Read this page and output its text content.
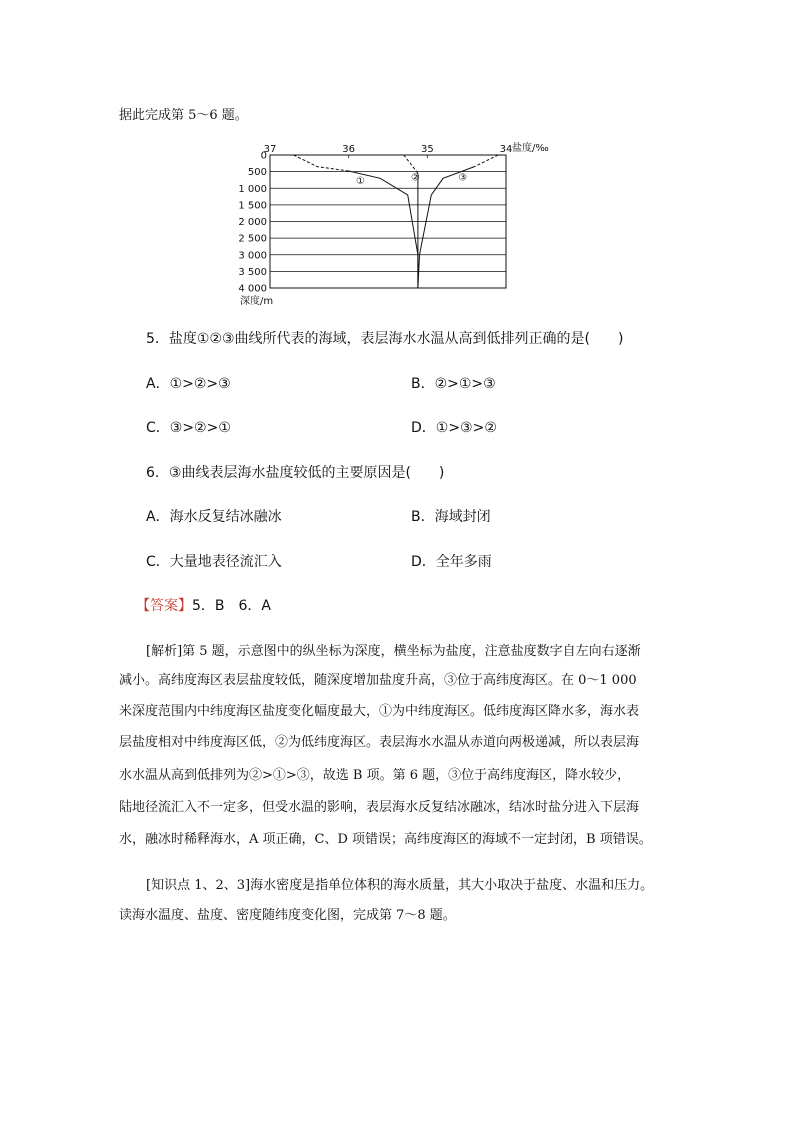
据此完成第 5～6 题。
37	36	35	34
0
500
1 000
1 500
2 000
2 500
3 000
3 500
4 000
①	②	③
盐度/‰
深度/m
5．盐度①②③曲线所代表的海域，表层海水水温从高到低排列正确的是(　　)
A．①>②>③	B．②>①>③
C．③>②>①	D．①>③>②
6．③曲线表层海水盐度较低的主要原因是(　　)
A．海水反复结冰融冰	B．海域封闭
C．大量地表径流汇入	D．全年多雨
【答案】5．B　6．A
[解析]第 5 题，示意图中的纵坐标为深度，横坐标为盐度，注意盐度数字自左向右逐渐
减小。高纬度海区表层盐度较低，随深度增加盐度升高，③位于高纬度海区。在 0～1 000
米深度范围内中纬度海区盐度变化幅度最大，①为中纬度海区。低纬度海区降水多，海水表
层盐度相对中纬度海区低，②为低纬度海区。表层海水水温从赤道向两极递减，所以表层海
水水温从高到低排列为②>①>③，故选 B 项。第 6 题，③位于高纬度海区，降水较少，
陆地径流汇入不一定多，但受水温的影响，表层海水反复结冰融冰，结冰时盐分进入下层海
水，融冰时稀释海水，A 项正确，C、D 项错误；高纬度海区的海域不一定封闭，B 项错误。
[知识点 1、2、3]海水密度是指单位体积的海水质量，其大小取决于盐度、水温和压力。
读海水温度、盐度、密度随纬度变化图，完成第 7～8 题。
